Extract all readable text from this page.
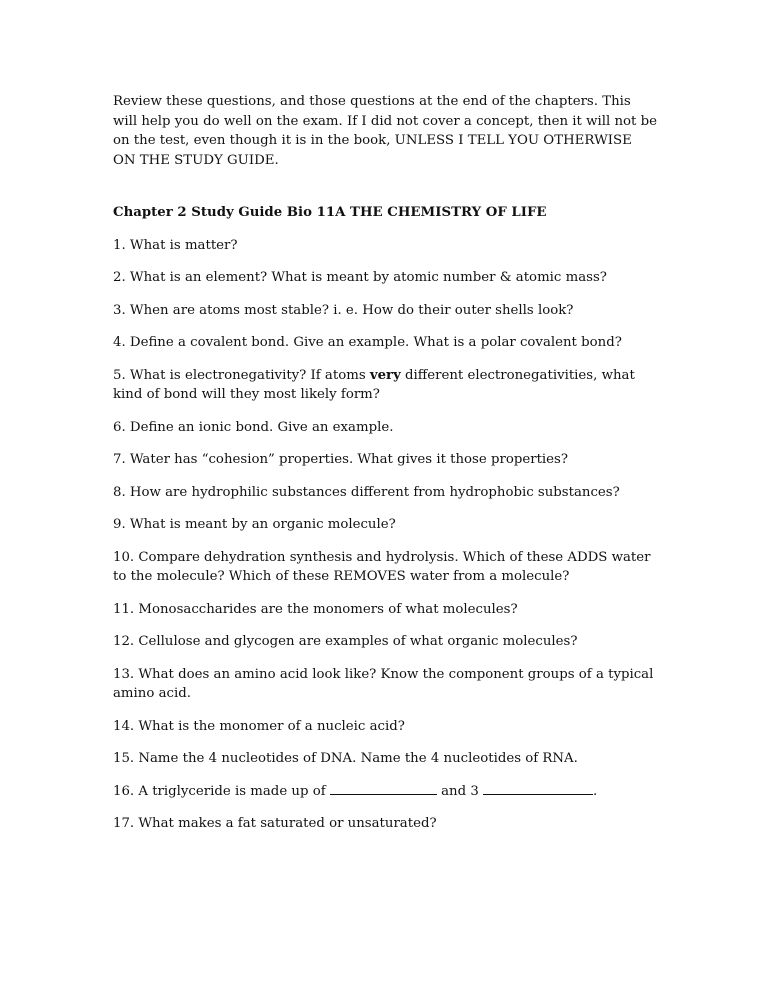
Review these questions, and those questions at the end of the chapters. This will help you do well on the exam. If I did not cover a concept, then it will not be on the test, even though it is in the book, UNLESS I TELL YOU OTHERWISE ON THE STUDY GUIDE.

Chapter 2 Study Guide Bio 11A THE CHEMISTRY OF LIFE

1. What is matter?

2. What is an element? What is meant by atomic number & atomic mass?

3. When are atoms most stable? i. e. How do their outer shells look?

4. Define a covalent bond. Give an example. What is a polar covalent bond?

5. What is electronegativity? If atoms very different electronegativities, what kind of bond will they most likely form?

6. Define an ionic bond. Give an example.

7. Water has “cohesion” properties. What gives it those properties?

8. How are hydrophilic substances different from hydrophobic substances?

9. What is meant by an organic molecule?

10. Compare dehydration synthesis and hydrolysis. Which of these ADDS water to the molecule? Which of these REMOVES water from a molecule?

11. Monosaccharides are the monomers of what molecules?

12. Cellulose and glycogen are examples of what organic molecules?

13. What does an amino acid look like? Know the component groups of a typical amino acid.

14. What is the monomer of a nucleic acid?

15. Name the 4 nucleotides of DNA. Name the 4 nucleotides of RNA.

16. A triglyceride is made up of	and 3	.

17. What makes a fat saturated or unsaturated?
